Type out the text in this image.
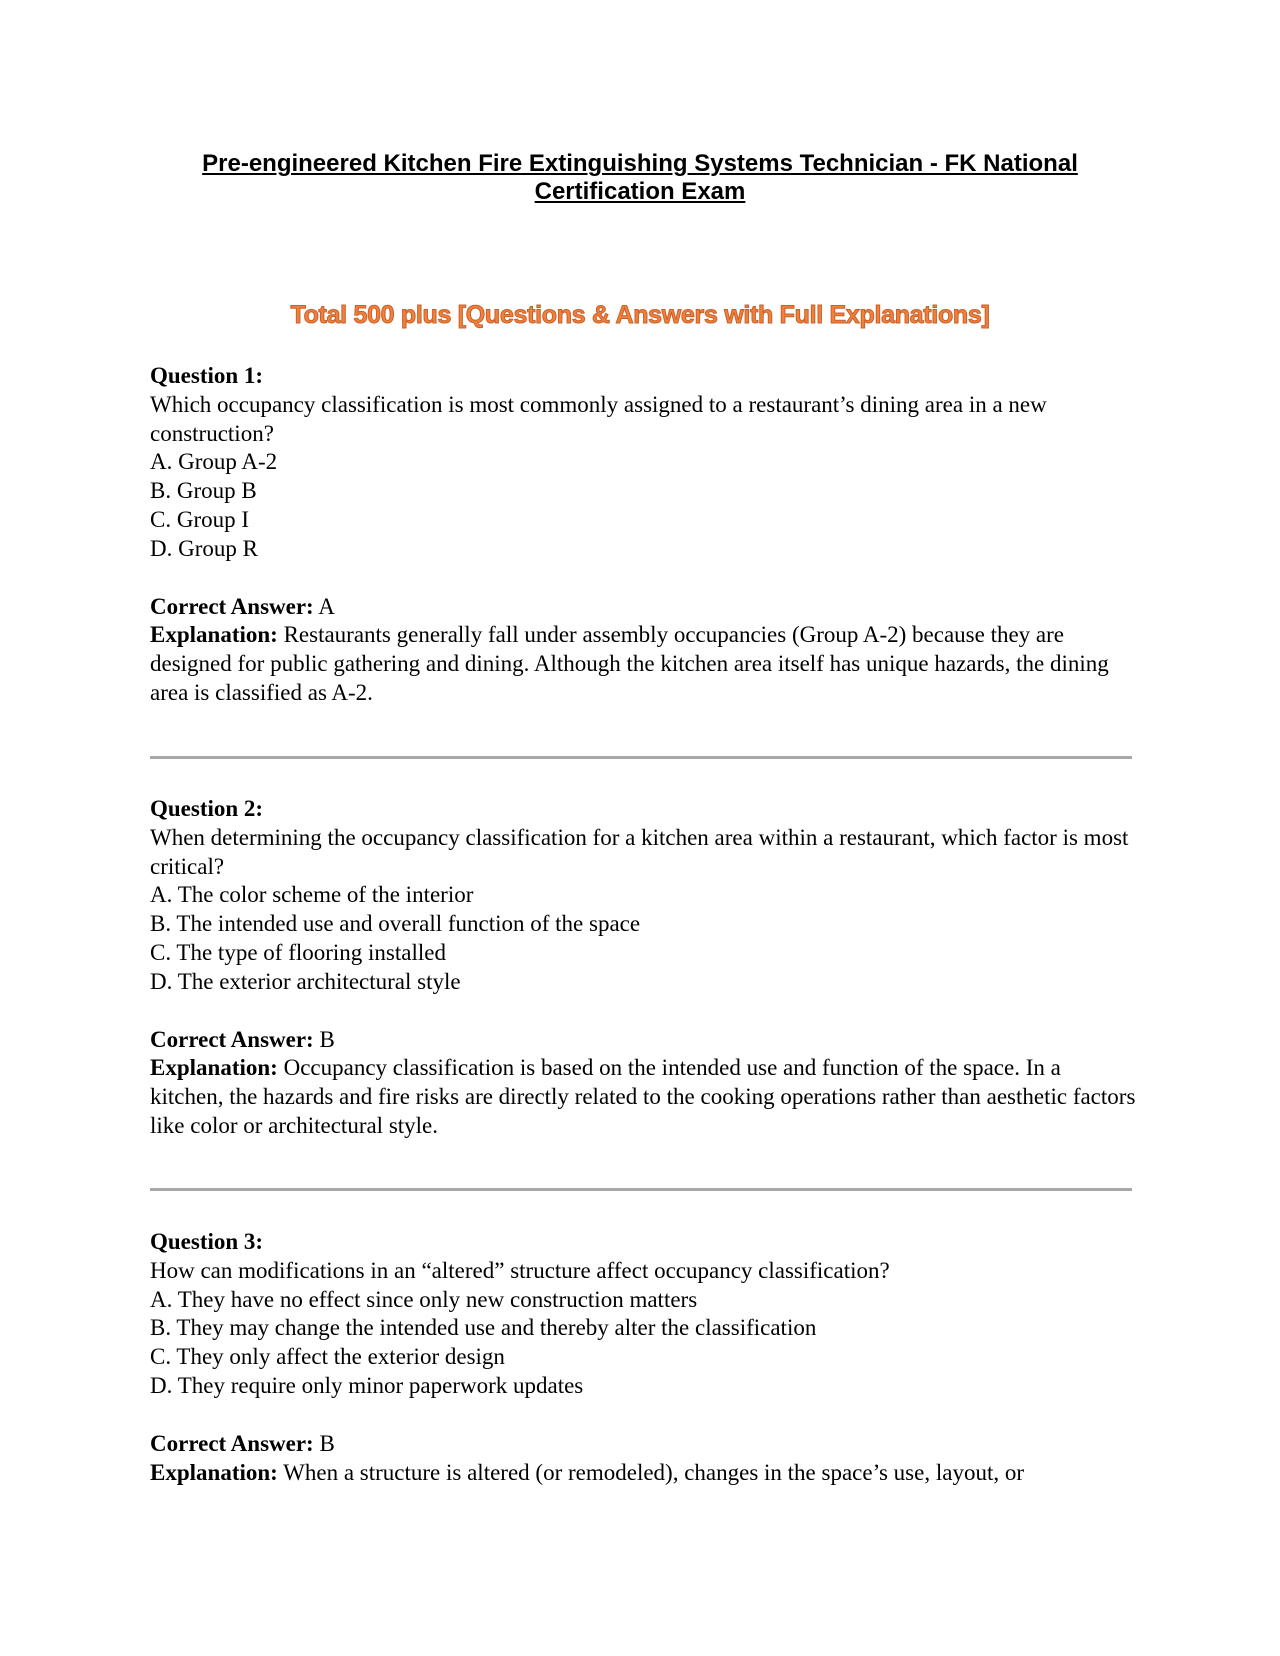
Pre-engineered Kitchen Fire Extinguishing Systems Technician - FK National Certification Exam
Total 500 plus [Questions & Answers with Full Explanations]
Question 1:
Which occupancy classification is most commonly assigned to a restaurant’s dining area in a new construction?
A. Group A-2
B. Group B
C. Group I
D. Group R
Correct Answer: A
Explanation: Restaurants generally fall under assembly occupancies (Group A-2) because they are designed for public gathering and dining. Although the kitchen area itself has unique hazards, the dining area is classified as A-2.
Question 2:
When determining the occupancy classification for a kitchen area within a restaurant, which factor is most critical?
A. The color scheme of the interior
B. The intended use and overall function of the space
C. The type of flooring installed
D. The exterior architectural style
Correct Answer: B
Explanation: Occupancy classification is based on the intended use and function of the space. In a kitchen, the hazards and fire risks are directly related to the cooking operations rather than aesthetic factors like color or architectural style.
Question 3:
How can modifications in an “altered” structure affect occupancy classification?
A. They have no effect since only new construction matters
B. They may change the intended use and thereby alter the classification
C. They only affect the exterior design
D. They require only minor paperwork updates
Correct Answer: B
Explanation: When a structure is altered (or remodeled), changes in the space’s use, layout, or
